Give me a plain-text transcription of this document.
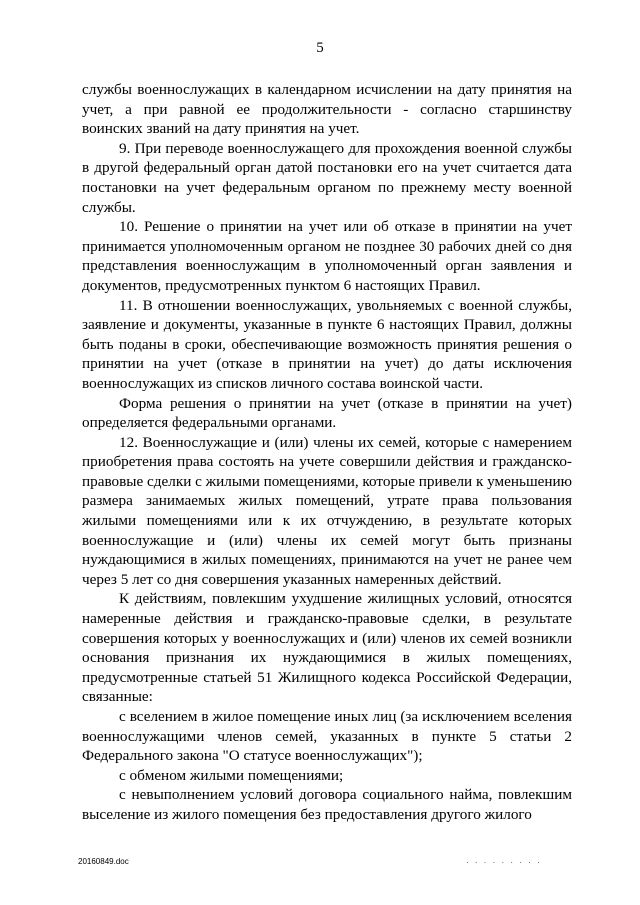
5

службы военнослужащих в календарном исчислении на дату принятия на учет, а при равной ее продолжительности - согласно старшинству воинских званий на дату принятия на учет.

9. При переводе военнослужащего для прохождения военной службы в другой федеральный орган датой постановки его на учет считается дата постановки на учет федеральным органом по прежнему месту военной службы.

10. Решение о принятии на учет или об отказе в принятии на учет принимается уполномоченным органом не позднее 30 рабочих дней со дня представления военнослужащим в уполномоченный орган заявления и документов, предусмотренных пунктом 6 настоящих Правил.

11. В отношении военнослужащих, увольняемых с военной службы, заявление и документы, указанные в пункте 6 настоящих Правил, должны быть поданы в сроки, обеспечивающие возможность принятия решения о принятии на учет (отказе в принятии на учет) до даты исключения военнослужащих из списков личного состава воинской части.

Форма решения о принятии на учет (отказе в принятии на учет) определяется федеральными органами.

12. Военнослужащие и (или) члены их семей, которые с намерением приобретения права состоять на учете совершили действия и гражданско-правовые сделки с жилыми помещениями, которые привели к уменьшению размера занимаемых жилых помещений, утрате права пользования жилыми помещениями или к их отчуждению, в результате которых военнослужащие и (или) члены их семей могут быть признаны нуждающимися в жилых помещениях, принимаются на учет не ранее чем через 5 лет со дня совершения указанных намеренных действий.

К действиям, повлекшим ухудшение жилищных условий, относятся намеренные действия и гражданско-правовые сделки, в результате совершения которых у военнослужащих и (или) членов их семей возникли основания признания их нуждающимися в жилых помещениях, предусмотренные статьей 51 Жилищного кодекса Российской Федерации, связанные:

с вселением в жилое помещение иных лиц (за исключением вселения военнослужащими членов семей, указанных в пункте 5 статьи 2 Федерального закона "О статусе военнослужащих");

с обменом жилыми помещениями;

с невыполнением условий договора социального найма, повлекшим выселение из жилого помещения без предоставления другого жилого

20160849.doc	· · · · · · · · ·
